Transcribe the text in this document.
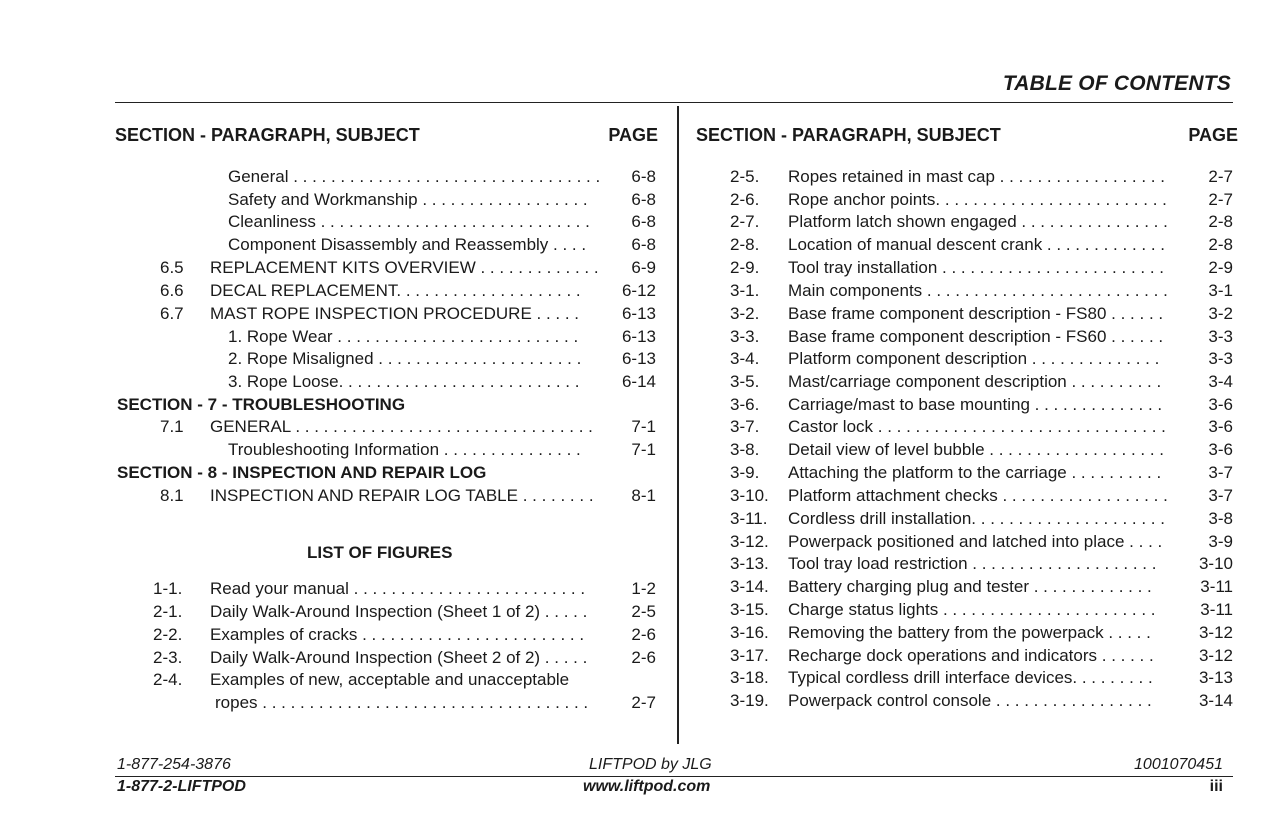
TABLE OF CONTENTS
SECTION - PARAGRAPH, SUBJECT	PAGE SECTION - PARAGRAPH, SUBJECT	PAGE
General . . . . . . . . . . . . . . . . . . . . . . . . . . . . . . . . .	6-8
Safety and Workmanship . . . . . . . . . . . . . . . . . .	6-8
Cleanliness . . . . . . . . . . . . . . . . . . . . . . . . . . . . .	6-8
Component Disassembly and Reassembly . . . .	6-8
6.5 REPLACEMENT KITS OVERVIEW . . . . . . . . . . . . .	6-9
6.6 DECAL REPLACEMENT. . . . . . . . . . . . . . . . . . . .	6-12
6.7 MAST ROPE INSPECTION PROCEDURE . . . . .	6-13
1. Rope Wear . . . . . . . . . . . . . . . . . . . . . . . . . .	6-13
2. Rope Misaligned . . . . . . . . . . . . . . . . . . . . . .	6-13
3. Rope Loose. . . . . . . . . . . . . . . . . . . . . . . . . .	6-14
SECTION - 7 - TROUBLESHOOTING
7.1 GENERAL . . . . . . . . . . . . . . . . . . . . . . . . . . . . . . . .	7-1
Troubleshooting Information . . . . . . . . . . . . . . .	7-1
SECTION - 8 - INSPECTION AND REPAIR LOG
8.1 INSPECTION AND REPAIR LOG TABLE . . . . . . . .	8-1
LIST OF FIGURES
1-1. Read your manual . . . . . . . . . . . . . . . . . . . . . . . . .	1-2
2-1. Daily Walk-Around Inspection (Sheet 1 of 2) . . . . .	2-5
2-2. Examples of cracks . . . . . . . . . . . . . . . . . . . . . . . .	2-6
2-3. Daily Walk-Around Inspection (Sheet 2 of 2) . . . . .	2-6
2-4. Examples of new, acceptable and unacceptable
ropes . . . . . . . . . . . . . . . . . . . . . . . . . . . . . . . . . . .	2-7
2-5. Ropes retained in mast cap . . . . . . . . . . . . . . . . . .	2-7
2-6. Rope anchor points. . . . . . . . . . . . . . . . . . . . . . . . .	2-7
2-7. Platform latch shown engaged . . . . . . . . . . . . . . . .	2-8
2-8. Location of manual descent crank . . . . . . . . . . . . .	2-8
2-9. Tool tray installation . . . . . . . . . . . . . . . . . . . . . . . .	2-9
3-1. Main components . . . . . . . . . . . . . . . . . . . . . . . . . .	3-1
3-2. Base frame component description - FS80 . . . . . .	3-2
3-3. Base frame component description - FS60 . . . . . .	3-3
3-4. Platform component description . . . . . . . . . . . . . .	3-3
3-5. Mast/carriage component description . . . . . . . . . .	3-4
3-6. Carriage/mast to base mounting . . . . . . . . . . . . . .	3-6
3-7. Castor lock . . . . . . . . . . . . . . . . . . . . . . . . . . . . . . .	3-6
3-8. Detail view of level bubble . . . . . . . . . . . . . . . . . . .	3-6
3-9. Attaching the platform to the carriage . . . . . . . . . .	3-7
3-10. Platform attachment checks . . . . . . . . . . . . . . . . . .	3-7
3-11. Cordless drill installation. . . . . . . . . . . . . . . . . . . . .	3-8
3-12. Powerpack positioned and latched into place . . . .	3-9
3-13. Tool tray load restriction . . . . . . . . . . . . . . . . . . . .	3-10
3-14. Battery charging plug and tester . . . . . . . . . . . . .	3-11
3-15. Charge status lights . . . . . . . . . . . . . . . . . . . . . . .	3-11
3-16. Removing the battery from the powerpack . . . . .	3-12
3-17. Recharge dock operations and indicators . . . . . .	3-12
3-18. Typical cordless drill interface devices. . . . . . . . .	3-13
3-19. Powerpack control console . . . . . . . . . . . . . . . . .	3-14
1-877-254-3876	LIFTPOD by JLG	1001070451
1-877-2-LIFTPOD	www.liftpod.com	iii
